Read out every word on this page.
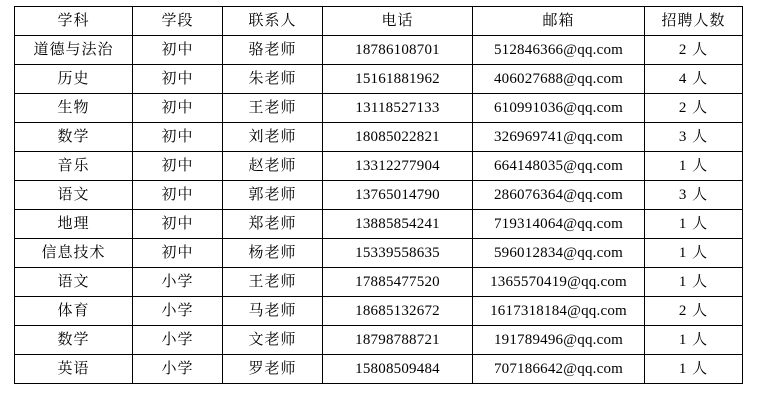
学科	学段	联系人	电话	邮箱	招聘人数
道德与法治	初中	骆老师	18786108701	512846366@qq.com	2 人
历史	初中	朱老师	15161881962	406027688@qq.com	4 人
生物	初中	王老师	13118527133	610991036@qq.com	2 人
数学	初中	刘老师	18085022821	326969741@qq.com	3 人
音乐	初中	赵老师	13312277904	664148035@qq.com	1 人
语文	初中	郭老师	13765014790	286076364@qq.com	3 人
地理	初中	郑老师	13885854241	719314064@qq.com	1 人
信息技术	初中	杨老师	15339558635	596012834@qq.com	1 人
语文	小学	王老师	17885477520	1365570419@qq.com	1 人
体育	小学	马老师	18685132672	1617318184@qq.com	2 人
数学	小学	文老师	18798788721	191789496@qq.com	1 人
英语	小学	罗老师	15808509484	707186642@qq.com	1 人
